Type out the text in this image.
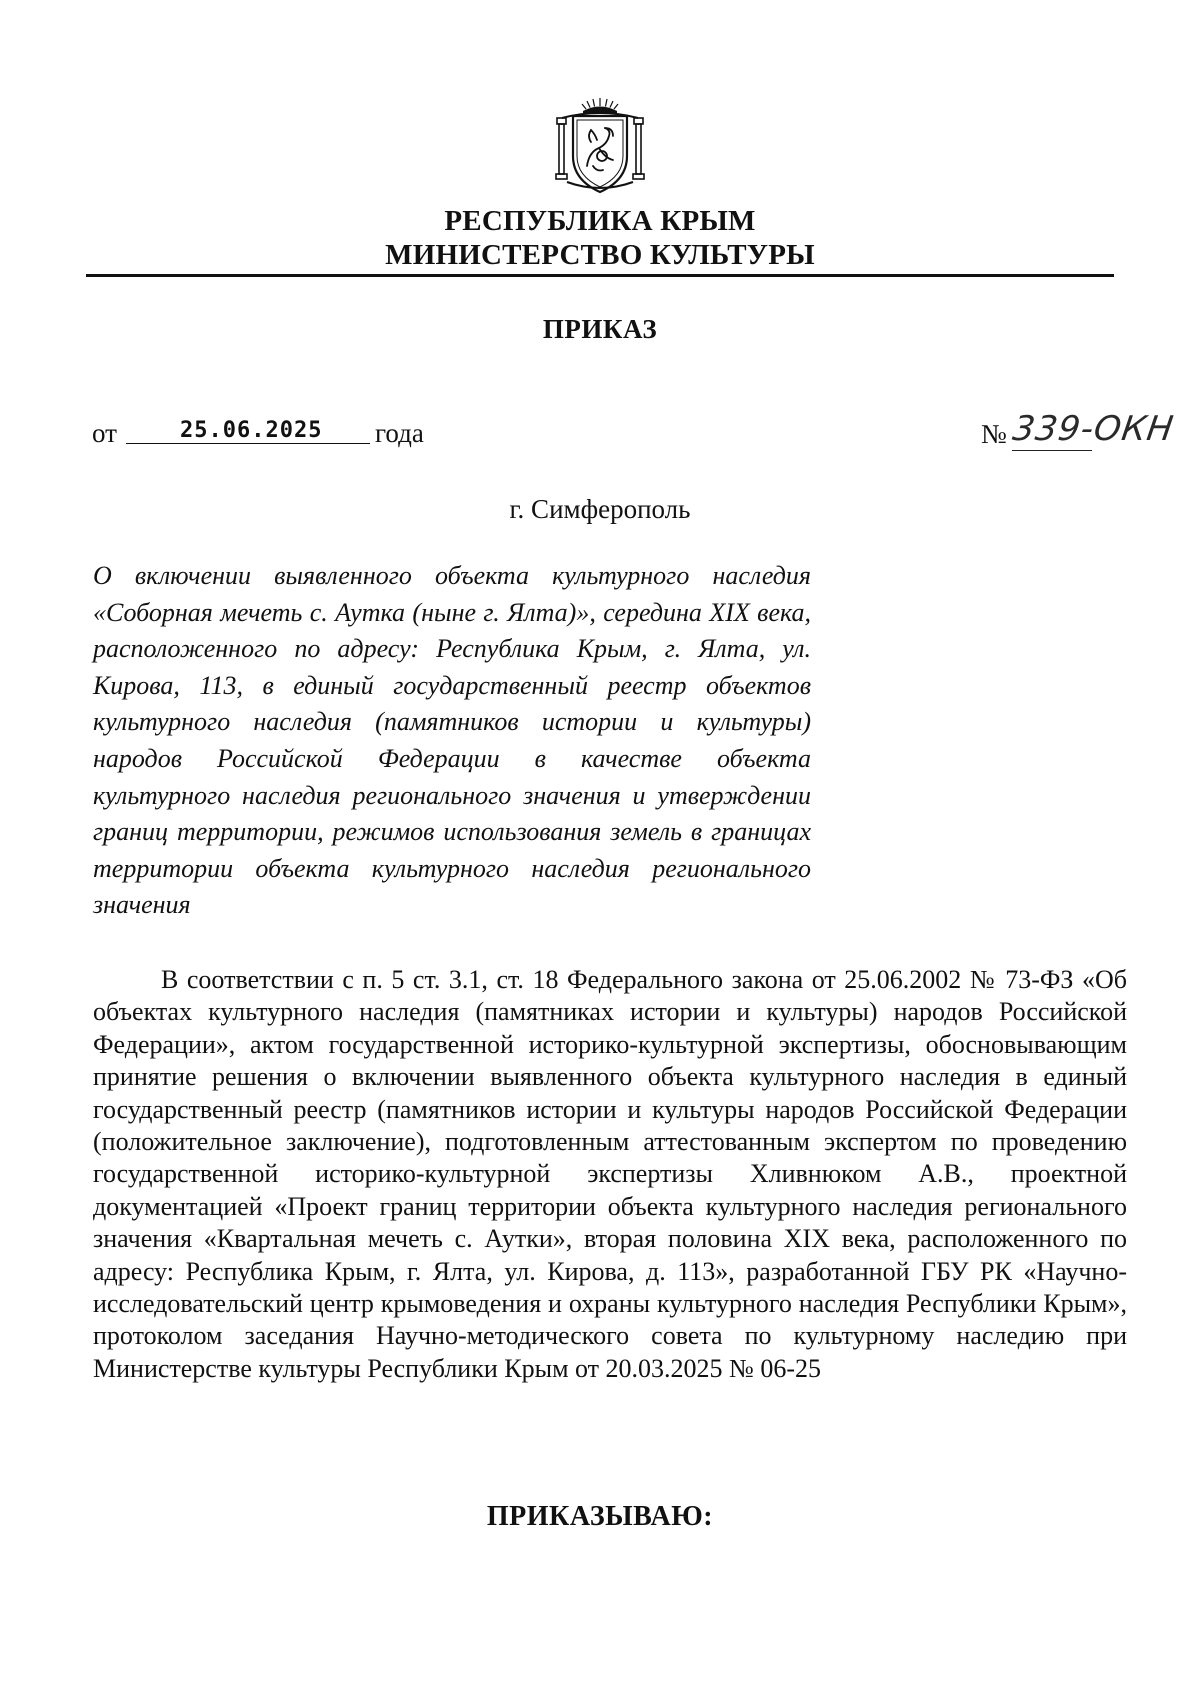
РЕСПУБЛИКА КРЫМ
МИНИСТЕРСТВО КУЛЬТУРЫ
ПРИКАЗ
от	25.06.2025 года	№ 339-ОКН
г. Симферополь
О включении выявленного объекта культурного наследия «Соборная мечеть с. Аутка (ныне г. Ялта)», середина XIX века, расположенного по адресу: Республика Крым, г. Ялта, ул. Кирова, 113, в единый государственный реестр объектов культурного наследия (памятников истории и культуры) народов Российской Федерации в качестве объекта культурного наследия регионального значения и утверждении границ территории, режимов использования земель в границах территории объекта культурного наследия регионального значения
В соответствии с п. 5 ст. 3.1, ст. 18 Федерального закона от 25.06.2002 № 73-ФЗ «Об объектах культурного наследия (памятниках истории и культуры) народов Российской Федерации», актом государственной историко-культурной экспертизы, обосновывающим принятие решения о включении выявленного объекта культурного наследия в единый государственный реестр (памятников истории и культуры народов Российской Федерации (положительное заключение), подготовленным аттестованным экспертом по проведению государственной историко-культурной экспертизы Хливнюком А.В., проектной документацией «Проект границ территории объекта культурного наследия регионального значения «Квартальная мечеть с. Аутки», вторая половина XIX века, расположенного по адресу: Республика Крым, г. Ялта, ул. Кирова, д. 113», разработанной ГБУ РК «Научно-исследовательский центр крымоведения и охраны культурного наследия Республики Крым», протоколом заседания Научно-методического совета по культурному наследию при Министерстве культуры Республики Крым от 20.03.2025 № 06-25
ПРИКАЗЫВАЮ:
